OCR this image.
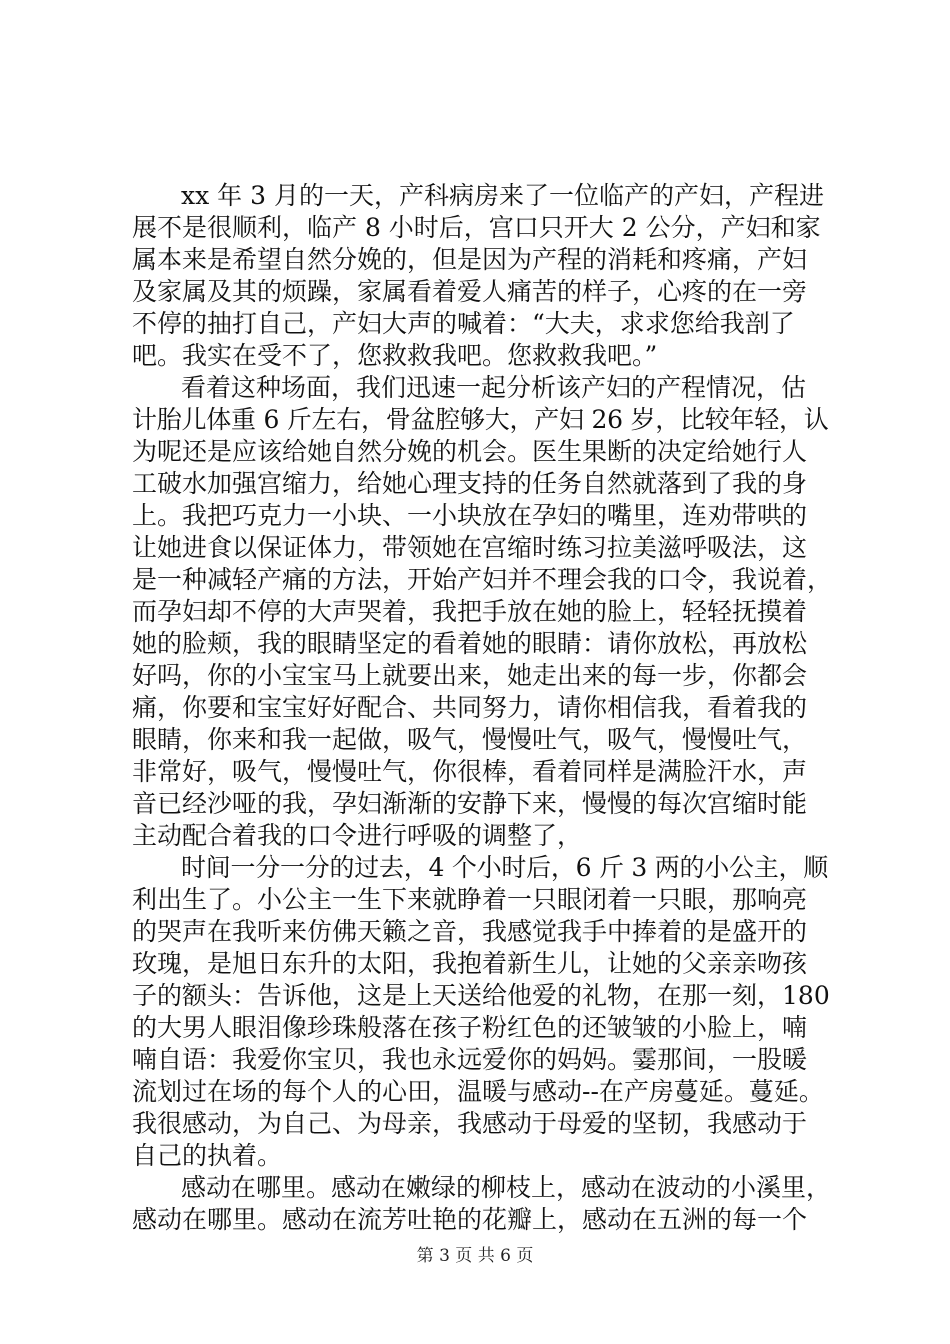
xx 年 3 月的一天，产科病房来了一位临产的产妇，产程进
展不是很顺利，临产 8 小时后，宫口只开大 2 公分，产妇和家
属本来是希望自然分娩的，但是因为产程的消耗和疼痛，产妇
及家属及其的烦躁，家属看着爱人痛苦的样子，心疼的在一旁
不停的抽打自己，产妇大声的喊着：“大夫，求求您给我剖了
吧。我实在受不了，您救救我吧。您救救我吧。”
看着这种场面，我们迅速一起分析该产妇的产程情况，估
计胎儿体重 6 斤左右，骨盆腔够大，产妇 26 岁，比较年轻，认
为呢还是应该给她自然分娩的机会。医生果断的决定给她行人
工破水加强宫缩力，给她心理支持的任务自然就落到了我的身
上。我把巧克力一小块、一小块放在孕妇的嘴里，连劝带哄的
让她进食以保证体力，带领她在宫缩时练习拉美滋呼吸法，这
是一种减轻产痛的方法，开始产妇并不理会我的口令，我说着，
而孕妇却不停的大声哭着，我把手放在她的脸上，轻轻抚摸着
她的脸颊，我的眼睛坚定的看着她的眼睛：请你放松，再放松
好吗，你的小宝宝马上就要出来，她走出来的每一步，你都会
痛，你要和宝宝好好配合、共同努力，请你相信我，看着我的
眼睛，你来和我一起做，吸气，慢慢吐气，吸气，慢慢吐气，
非常好，吸气，慢慢吐气，你很棒，看着同样是满脸汗水，声
音已经沙哑的我，孕妇渐渐的安静下来，慢慢的每次宫缩时能
主动配合着我的口令进行呼吸的调整了，
时间一分一分的过去，4 个小时后，6 斤 3 两的小公主，顺
利出生了。小公主一生下来就睁着一只眼闭着一只眼，那响亮
的哭声在我听来仿佛天籁之音，我感觉我手中捧着的是盛开的
玫瑰，是旭日东升的太阳，我抱着新生儿，让她的父亲亲吻孩
子的额头：告诉他，这是上天送给他爱的礼物，在那一刻，180
的大男人眼泪像珍珠般落在孩子粉红色的还皱皱的小脸上，喃
喃自语：我爱你宝贝，我也永远爱你的妈妈。霎那间，一股暖
流划过在场的每个人的心田，温暖与感动--在产房蔓延。蔓延。
我很感动，为自己、为母亲，我感动于母爱的坚韧，我感动于
自己的执着。
感动在哪里。感动在嫩绿的柳枝上，感动在波动的小溪里，
感动在哪里。感动在流芳吐艳的花瓣上，感动在五洲的每一个
第 3 页 共 6 页
